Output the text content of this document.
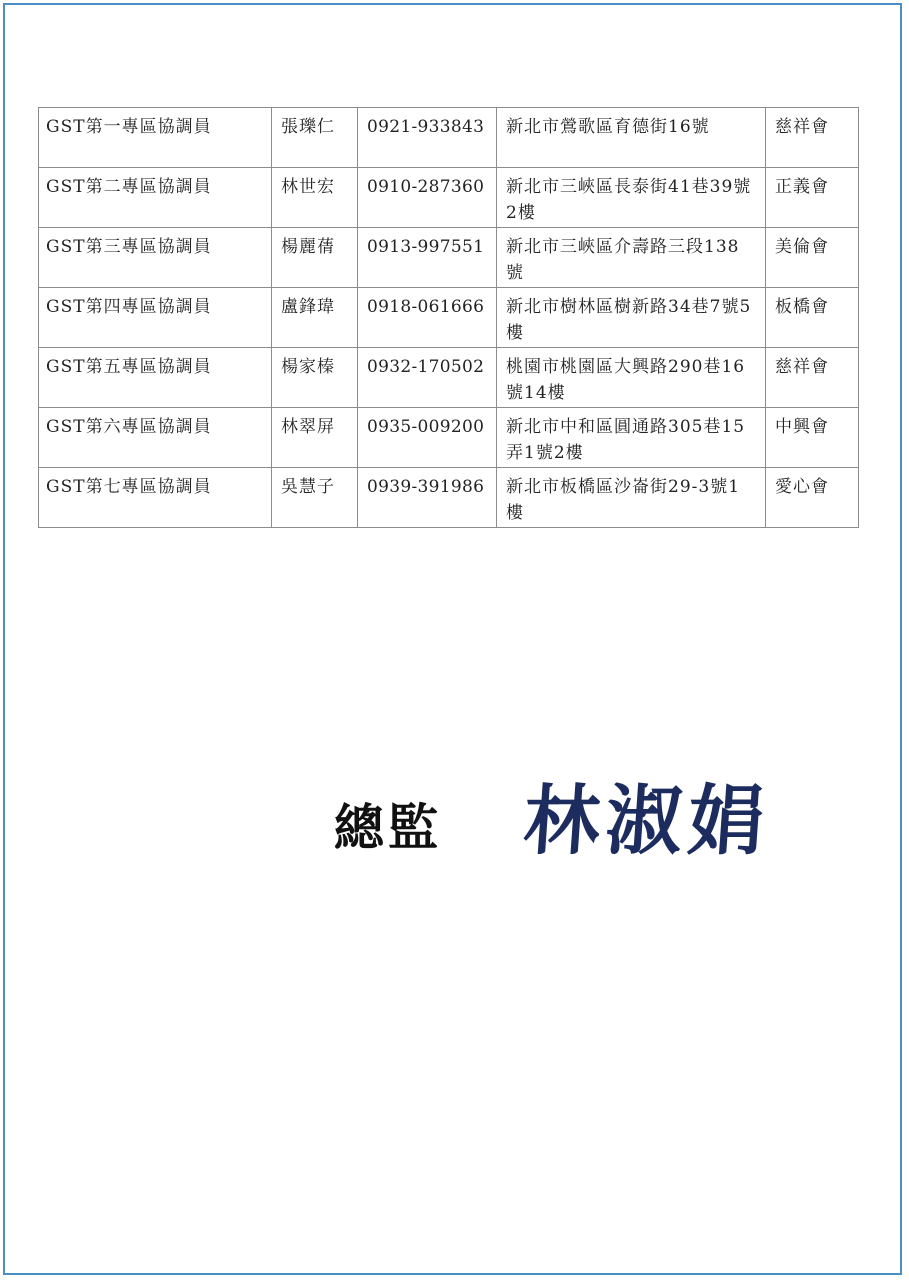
GST第一專區協調員	張瓅仁	0921-933843	新北市鶯歌區育德街16號	慈祥會
GST第二專區協調員	林世宏	0910-287360	新北市三峽區長泰街41巷39號2樓	正義會
GST第三專區協調員	楊麗蒨	0913-997551	新北市三峽區介壽路三段138號	美倫會
GST第四專區協調員	盧鋒瑋	0918-061666	新北市樹林區樹新路34巷7號5樓	板橋會
GST第五專區協調員	楊家榛	0932-170502	桃園市桃園區大興路290巷16號14樓	慈祥會
GST第六專區協調員	林翠屏	0935-009200	新北市中和區圓通路305巷15弄1號2樓	中興會
GST第七專區協調員	吳慧子	0939-391986	新北市板橋區沙崙街29-3號1樓	愛心會
總監 林淑娟
